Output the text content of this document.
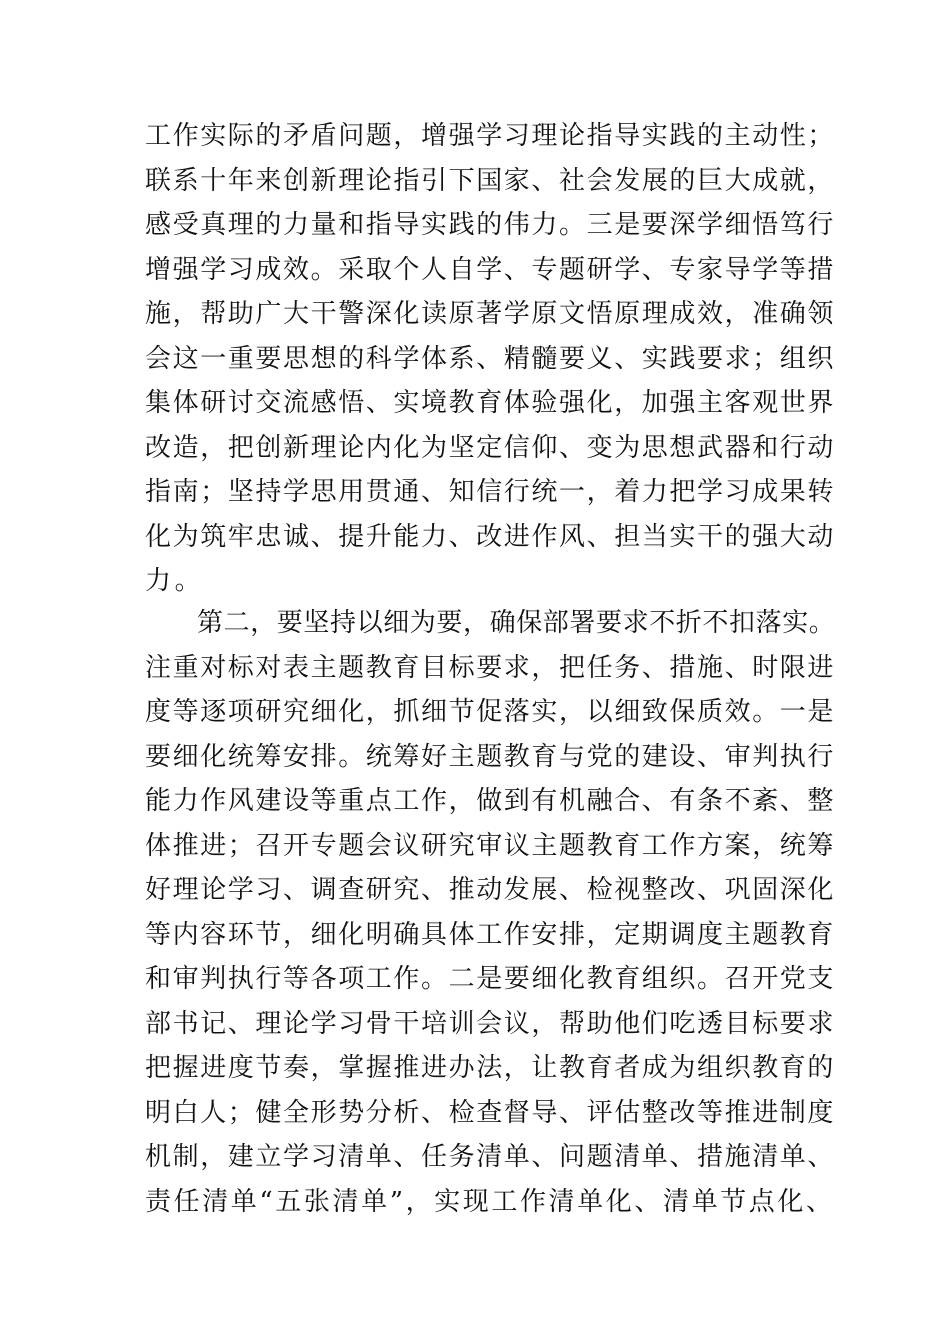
工作实际的矛盾问题，增强学习理论指导实践的主动性；
联系十年来创新理论指引下国家、社会发展的巨大成就，
感受真理的力量和指导实践的伟力。三是要深学细悟笃行
增强学习成效。采取个人自学、专题研学、专家导学等措
施，帮助广大干警深化读原著学原文悟原理成效，准确领
会这一重要思想的科学体系、精髓要义、实践要求；组织
集体研讨交流感悟、实境教育体验强化，加强主客观世界
改造，把创新理论内化为坚定信仰、变为思想武器和行动
指南；坚持学思用贯通、知信行统一，着力把学习成果转
化为筑牢忠诚、提升能力、改进作风、担当实干的强大动
力。
第二，要坚持以细为要，确保部署要求不折不扣落实。
注重对标对表主题教育目标要求，把任务、措施、时限进
度等逐项研究细化，抓细节促落实，以细致保质效。一是
要细化统筹安排。统筹好主题教育与党的建设、审判执行
能力作风建设等重点工作，做到有机融合、有条不紊、整
体推进；召开专题会议研究审议主题教育工作方案，统筹
好理论学习、调查研究、推动发展、检视整改、巩固深化
等内容环节，细化明确具体工作安排，定期调度主题教育
和审判执行等各项工作。二是要细化教育组织。召开党支
部书记、理论学习骨干培训会议，帮助他们吃透目标要求
把握进度节奏，掌握推进办法，让教育者成为组织教育的
明白人；健全形势分析、检查督导、评估整改等推进制度
机制，建立学习清单、任务清单、问题清单、措施清单、
责任清单“五张清单”，实现工作清单化、清单节点化、
